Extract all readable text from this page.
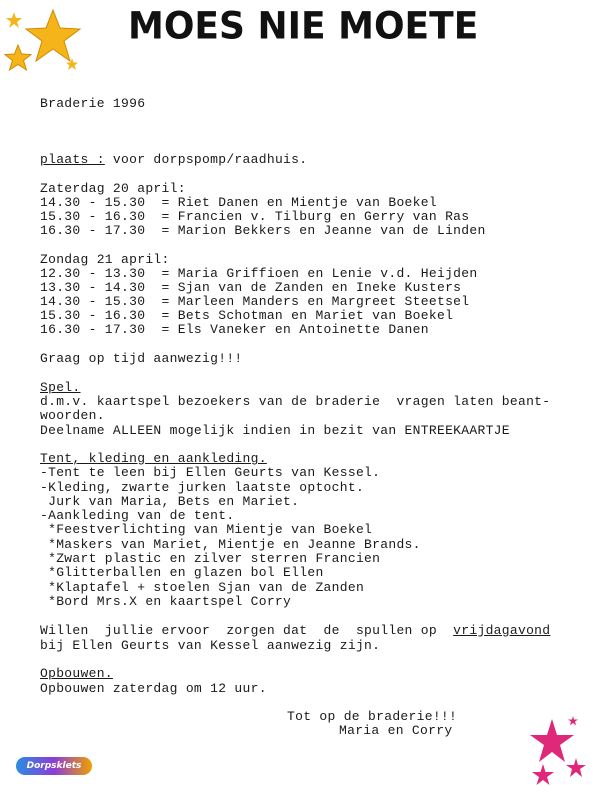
MOES NIE MOETE
Braderie 1996
plaats : voor dorpspomp/raadhuis.
Zaterdag 20 april:
14.30 - 15.30  = Riet Danen en Mientje van Boekel
15.30 - 16.30  = Francien v. Tilburg en Gerry van Ras
16.30 - 17.30  = Marion Bekkers en Jeanne van de Linden
Zondag 21 april:
12.30 - 13.30  = Maria Griffioen en Lenie v.d. Heijden
13.30 - 14.30  = Sjan van de Zanden en Ineke Kusters
14.30 - 15.30  = Marleen Manders en Margreet Steetsel
15.30 - 16.30  = Bets Schotman en Mariet van Boekel
16.30 - 17.30  = Els Vaneker en Antoinette Danen
Graag op tijd aanwezig!!!
Spel.
d.m.v. kaartspel bezoekers van de braderie  vragen laten beant-
woorden.
Deelname ALLEEN mogelijk indien in bezit van ENTREEKAARTJE
Tent, kleding en aankleding.
-Tent te leen bij Ellen Geurts van Kessel.
-Kleding, zwarte jurken laatste optocht.
Jurk van Maria, Bets en Mariet.
-Aankleding van de tent.
*Feestverlichting van Mientje van Boekel
*Maskers van Mariet, Mientje en Jeanne Brands.
*Zwart plastic en zilver sterren Francien
*Glitterballen en glazen bol Ellen
*Klaptafel + stoelen Sjan van de Zanden
*Bord Mrs.X en kaartspel Corry
Willen  jullie ervoor  zorgen dat  de  spullen op  vrijdagavond
bij Ellen Geurts van Kessel aanwezig zijn.
Opbouwen.
Opbouwen zaterdag om 12 uur.
Tot op de braderie!!!
Maria en Corry
Dorpsklets
